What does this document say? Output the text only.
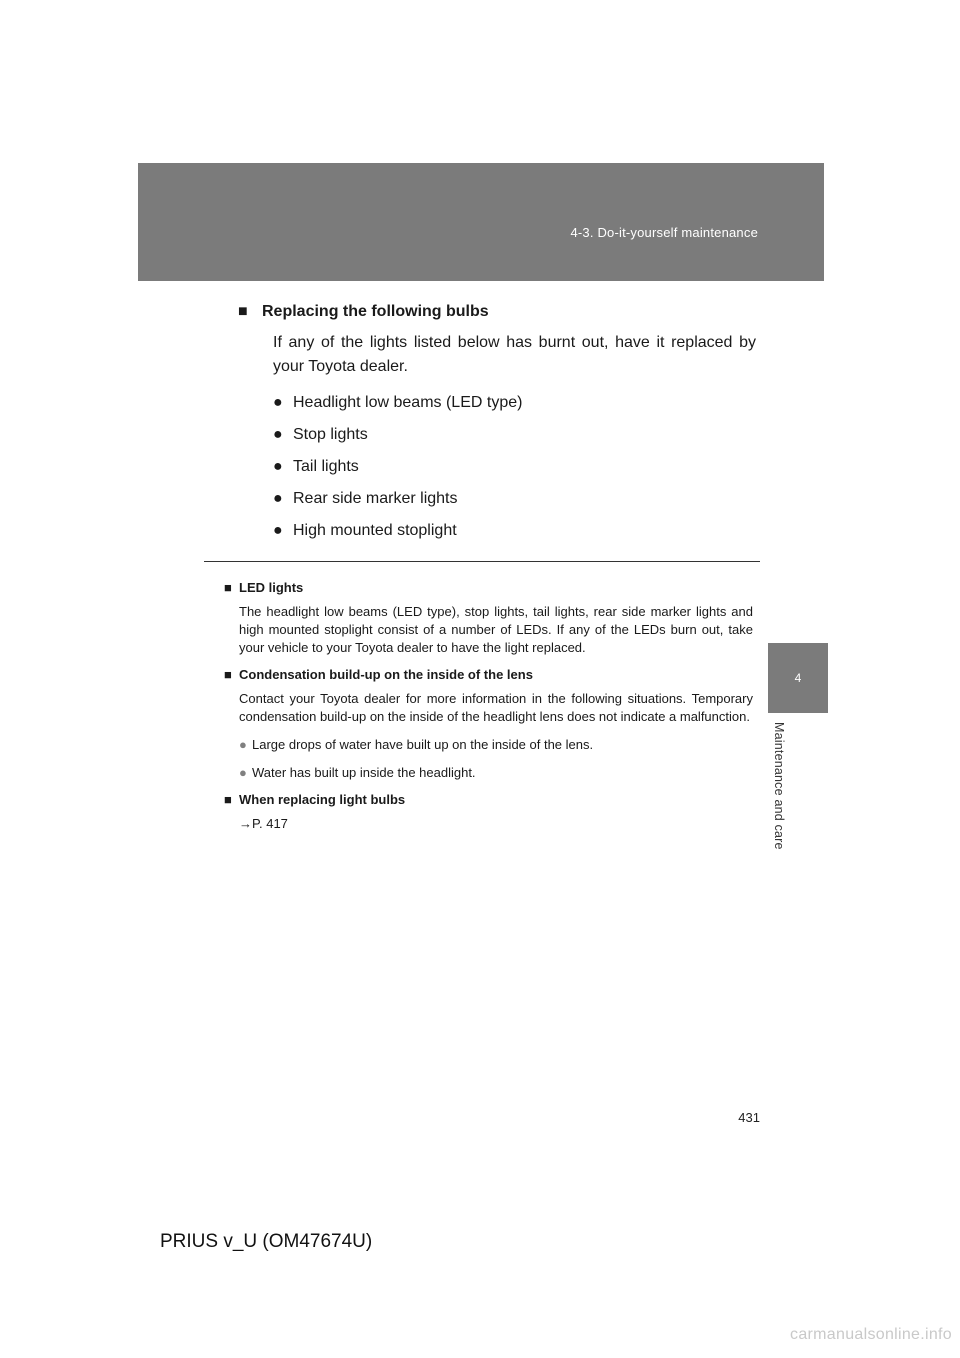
4-3. Do-it-yourself maintenance
4
Maintenance and care
■ Replacing the following bulbs

If any of the lights listed below has burnt out, have it replaced by your Toyota dealer.

● Headlight low beams (LED type)
● Stop lights
● Tail lights
● Rear side marker lights
● High mounted stoplight
■ LED lights

The headlight low beams (LED type), stop lights, tail lights, rear side marker lights and high mounted stoplight consist of a number of LEDs. If any of the LEDs burn out, take your vehicle to your Toyota dealer to have the light replaced.

■ Condensation build-up on the inside of the lens

Contact your Toyota dealer for more information in the following situations. Temporary condensation build-up on the inside of the headlight lens does not indicate a malfunction.

● Large drops of water have built up on the inside of the lens.
● Water has built up inside the headlight.
■ When replacing light bulbs

→P. 417

431
PRIUS v_U (OM47674U)
carmanualsonline.info
